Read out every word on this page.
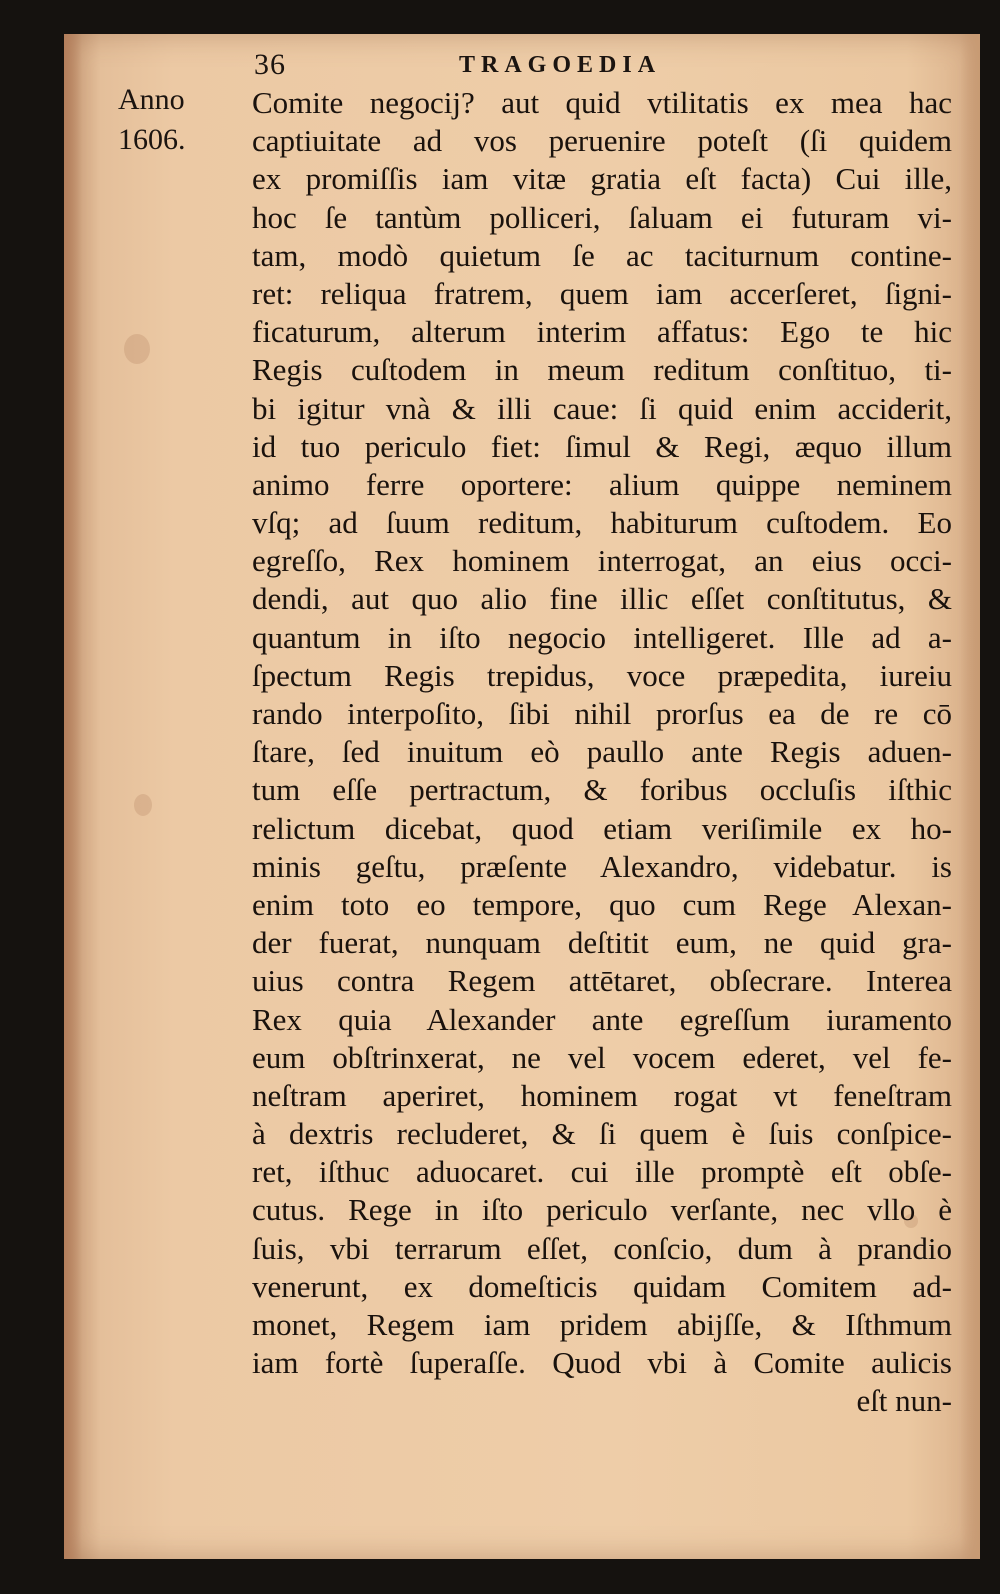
36	TRAGOEDIA
Anno
1606.
Comite negocij? aut quid vtilitatis ex mea hac
captiuitate ad vos peruenire poteſt (ſi quidem
ex promiſſis iam vitæ gratia eſt facta) Cui ille,
hoc ſe tantùm polliceri, ſaluam ei futuram vi-
tam, modò quietum ſe ac taciturnum contine-
ret: reliqua fratrem, quem iam accerſeret, ſigni-
ficaturum, alterum interim affatus: Ego te hic
Regis cuſtodem in meum reditum conſtituo, ti-
bi igitur vnà & illi caue: ſi quid enim acciderit,
id tuo periculo fiet: ſimul & Regi, æquo illum
animo ferre oportere: alium quippe neminem
vſq; ad ſuum reditum, habiturum cuſtodem. Eo
egreſſo, Rex hominem interrogat, an eius occi-
dendi, aut quo alio fine illic eſſet conſtitutus, &
quantum in iſto negocio intelligeret. Ille ad a-
ſpectum Regis trepidus, voce præpedita, iureiu
rando interpoſito, ſibi nihil prorſus ea de re cō
ſtare, ſed inuitum eò paullo ante Regis aduen-
tum eſſe pertractum, & foribus occluſis iſthic
relictum dicebat, quod etiam veriſimile ex ho-
minis geſtu, præſente Alexandro, videbatur. is
enim toto eo tempore, quo cum Rege Alexan-
der fuerat, nunquam deſtitit eum, ne quid gra-
uius contra Regem attētaret, obſecrare. Interea
Rex quia Alexander ante egreſſum iuramento
eum obſtrinxerat, ne vel vocem ederet, vel fe-
neſtram aperiret, hominem rogat vt feneſtram
à dextris recluderet, & ſi quem è ſuis conſpice-
ret, iſthuc aduocaret. cui ille promptè eſt obſe-
cutus. Rege in iſto periculo verſante, nec vllo è
ſuis, vbi terrarum eſſet, conſcio, dum à prandio
venerunt, ex domeſticis quidam Comitem ad-
monet, Regem iam pridem abijſſe, & Iſthmum
iam fortè ſuperaſſe. Quod vbi à Comite aulicis
eſt nun-
